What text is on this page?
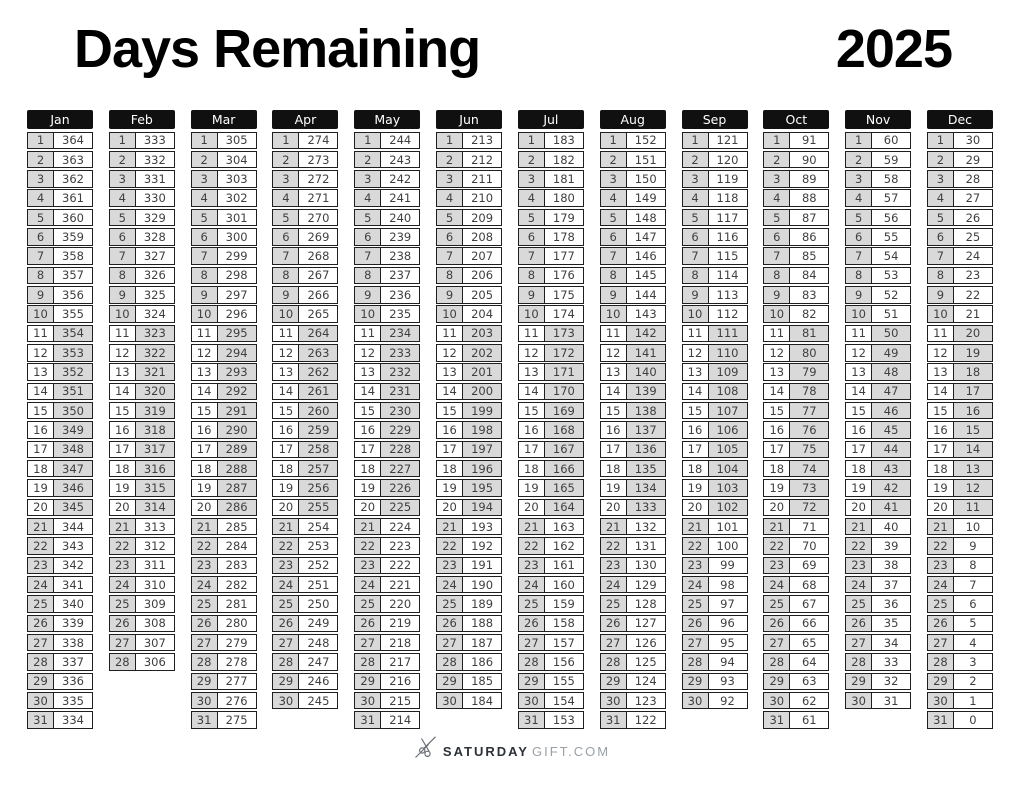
Days Remaining	2025
Jan
1	364
2	363
3	362
4	361
5	360
6	359
7	358
8	357
9	356
10	355
11	354
12	353
13	352
14	351
15	350
16	349
17	348
18	347
19	346
20	345
21	344
22	343
23	342
24	341
25	340
26	339
27	338
28	337
29	336
30	335
31	334
Feb
1	333
2	332
3	331
4	330
5	329
6	328
7	327
8	326
9	325
10	324
11	323
12	322
13	321
14	320
15	319
16	318
17	317
18	316
19	315
20	314
21	313
22	312
23	311
24	310
25	309
26	308
27	307
28	306
Mar
1	305
2	304
3	303
4	302
5	301
6	300
7	299
8	298
9	297
10	296
11	295
12	294
13	293
14	292
15	291
16	290
17	289
18	288
19	287
20	286
21	285
22	284
23	283
24	282
25	281
26	280
27	279
28	278
29	277
30	276
31	275
Apr
1	274
2	273
3	272
4	271
5	270
6	269
7	268
8	267
9	266
10	265
11	264
12	263
13	262
14	261
15	260
16	259
17	258
18	257
19	256
20	255
21	254
22	253
23	252
24	251
25	250
26	249
27	248
28	247
29	246
30	245
May
1	244
2	243
3	242
4	241
5	240
6	239
7	238
8	237
9	236
10	235
11	234
12	233
13	232
14	231
15	230
16	229
17	228
18	227
19	226
20	225
21	224
22	223
23	222
24	221
25	220
26	219
27	218
28	217
29	216
30	215
31	214
Jun
1	213
2	212
3	211
4	210
5	209
6	208
7	207
8	206
9	205
10	204
11	203
12	202
13	201
14	200
15	199
16	198
17	197
18	196
19	195
20	194
21	193
22	192
23	191
24	190
25	189
26	188
27	187
28	186
29	185
30	184
Jul
1	183
2	182
3	181
4	180
5	179
6	178
7	177
8	176
9	175
10	174
11	173
12	172
13	171
14	170
15	169
16	168
17	167
18	166
19	165
20	164
21	163
22	162
23	161
24	160
25	159
26	158
27	157
28	156
29	155
30	154
31	153
Aug
1	152
2	151
3	150
4	149
5	148
6	147
7	146
8	145
9	144
10	143
11	142
12	141
13	140
14	139
15	138
16	137
17	136
18	135
19	134
20	133
21	132
22	131
23	130
24	129
25	128
26	127
27	126
28	125
29	124
30	123
31	122
Sep
1	121
2	120
3	119
4	118
5	117
6	116
7	115
8	114
9	113
10	112
11	111
12	110
13	109
14	108
15	107
16	106
17	105
18	104
19	103
20	102
21	101
22	100
23	99
24	98
25	97
26	96
27	95
28	94
29	93
30	92
Oct
1	91
2	90
3	89
4	88
5	87
6	86
7	85
8	84
9	83
10	82
11	81
12	80
13	79
14	78
15	77
16	76
17	75
18	74
19	73
20	72
21	71
22	70
23	69
24	68
25	67
26	66
27	65
28	64
29	63
30	62
31	61
Nov
1	60
2	59
3	58
4	57
5	56
6	55
7	54
8	53
9	52
10	51
11	50
12	49
13	48
14	47
15	46
16	45
17	44
18	43
19	42
20	41
21	40
22	39
23	38
24	37
25	36
26	35
27	34
28	33
29	32
30	31
Dec
1	30
2	29
3	28
4	27
5	26
6	25
7	24
8	23
9	22
10	21
11	20
12	19
13	18
14	17
15	16
16	15
17	14
18	13
19	12
20	11
21	10
22	9
23	8
24	7
25	6
26	5
27	4
28	3
29	2
30	1
31	0
SATURDAY GIFT.COM
